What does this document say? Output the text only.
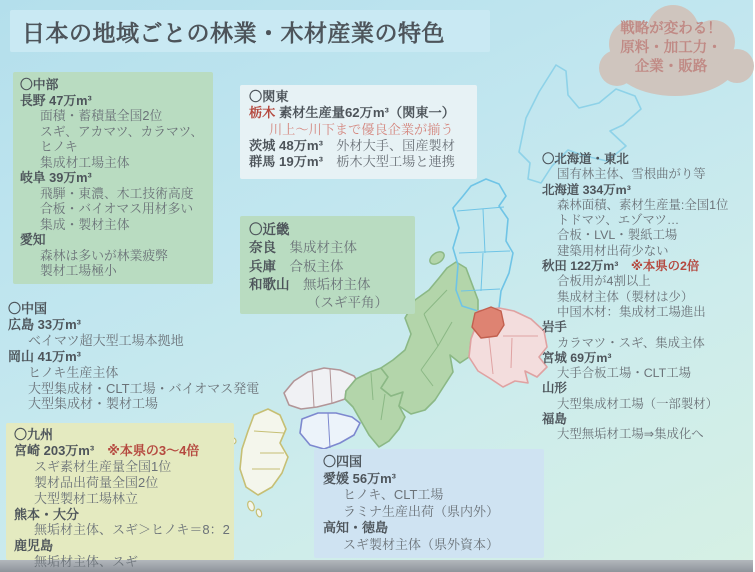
日本の地域ごとの林業・木材産業の特色	戦略が変わる！
原料・加工力・
企業・販路
〇中部
長野 47万m³
面積・蓄積量全国2位
スギ、アカマツ、カラマツ、
ヒノキ
集成材工場主体
岐阜 39万m³
飛騨・東濃、木工技術高度
合板・バイオマス用材多い
集成・製材主体
愛知
森林は多いが林業疲弊
製材工場極小
〇関東
栃木 素材生産量62万m³（関東一）
川上～川下まで優良企業が揃う
茨城 48万m³　外材大手、国産製材
群馬 19万m³　栃木大型工場と連携
〇近畿
奈良　集成材主体
兵庫　合板主体
和歌山　無垢材主体
（スギ平角）
〇中国
広島 33万m³
ベイマツ超大型工場本拠地
岡山 41万m³
ヒノキ生産主体
大型集成材・CLT工場・バイオマス発電
大型集成材・製材工場
〇九州
宮崎 203万m³　※本県の3～4倍
スギ素材生産量全国1位
製材品出荷量全国2位
大型製材工場林立
熊本・大分
無垢材主体、スギ＞ヒノキ＝8：2
鹿児島
無垢材主体、スギ
〇四国
愛媛 56万m³
ヒノキ、CLT工場
ラミナ生産出荷（県内外）
高知・徳島
スギ製材主体（県外資本）
〇北海道・東北
国有林主体、雪根曲がり等
北海道 334万m³
森林面積、素材生産量:全国1位
トドマツ、エゾマツ…
合板・LVL・製紙工場
建築用材出荷少ない
秋田 122万m³　※本県の2倍
合板用が4割以上
集成材主体（製材は少）
中国木材：集成材工場進出
岩手
カラマツ・スギ、集成主体
宮城 69万m³
大手合板工場・CLT工場
山形
大型集成材工場（一部製材）
福島
大型無垢材工場⇒集成化へ
